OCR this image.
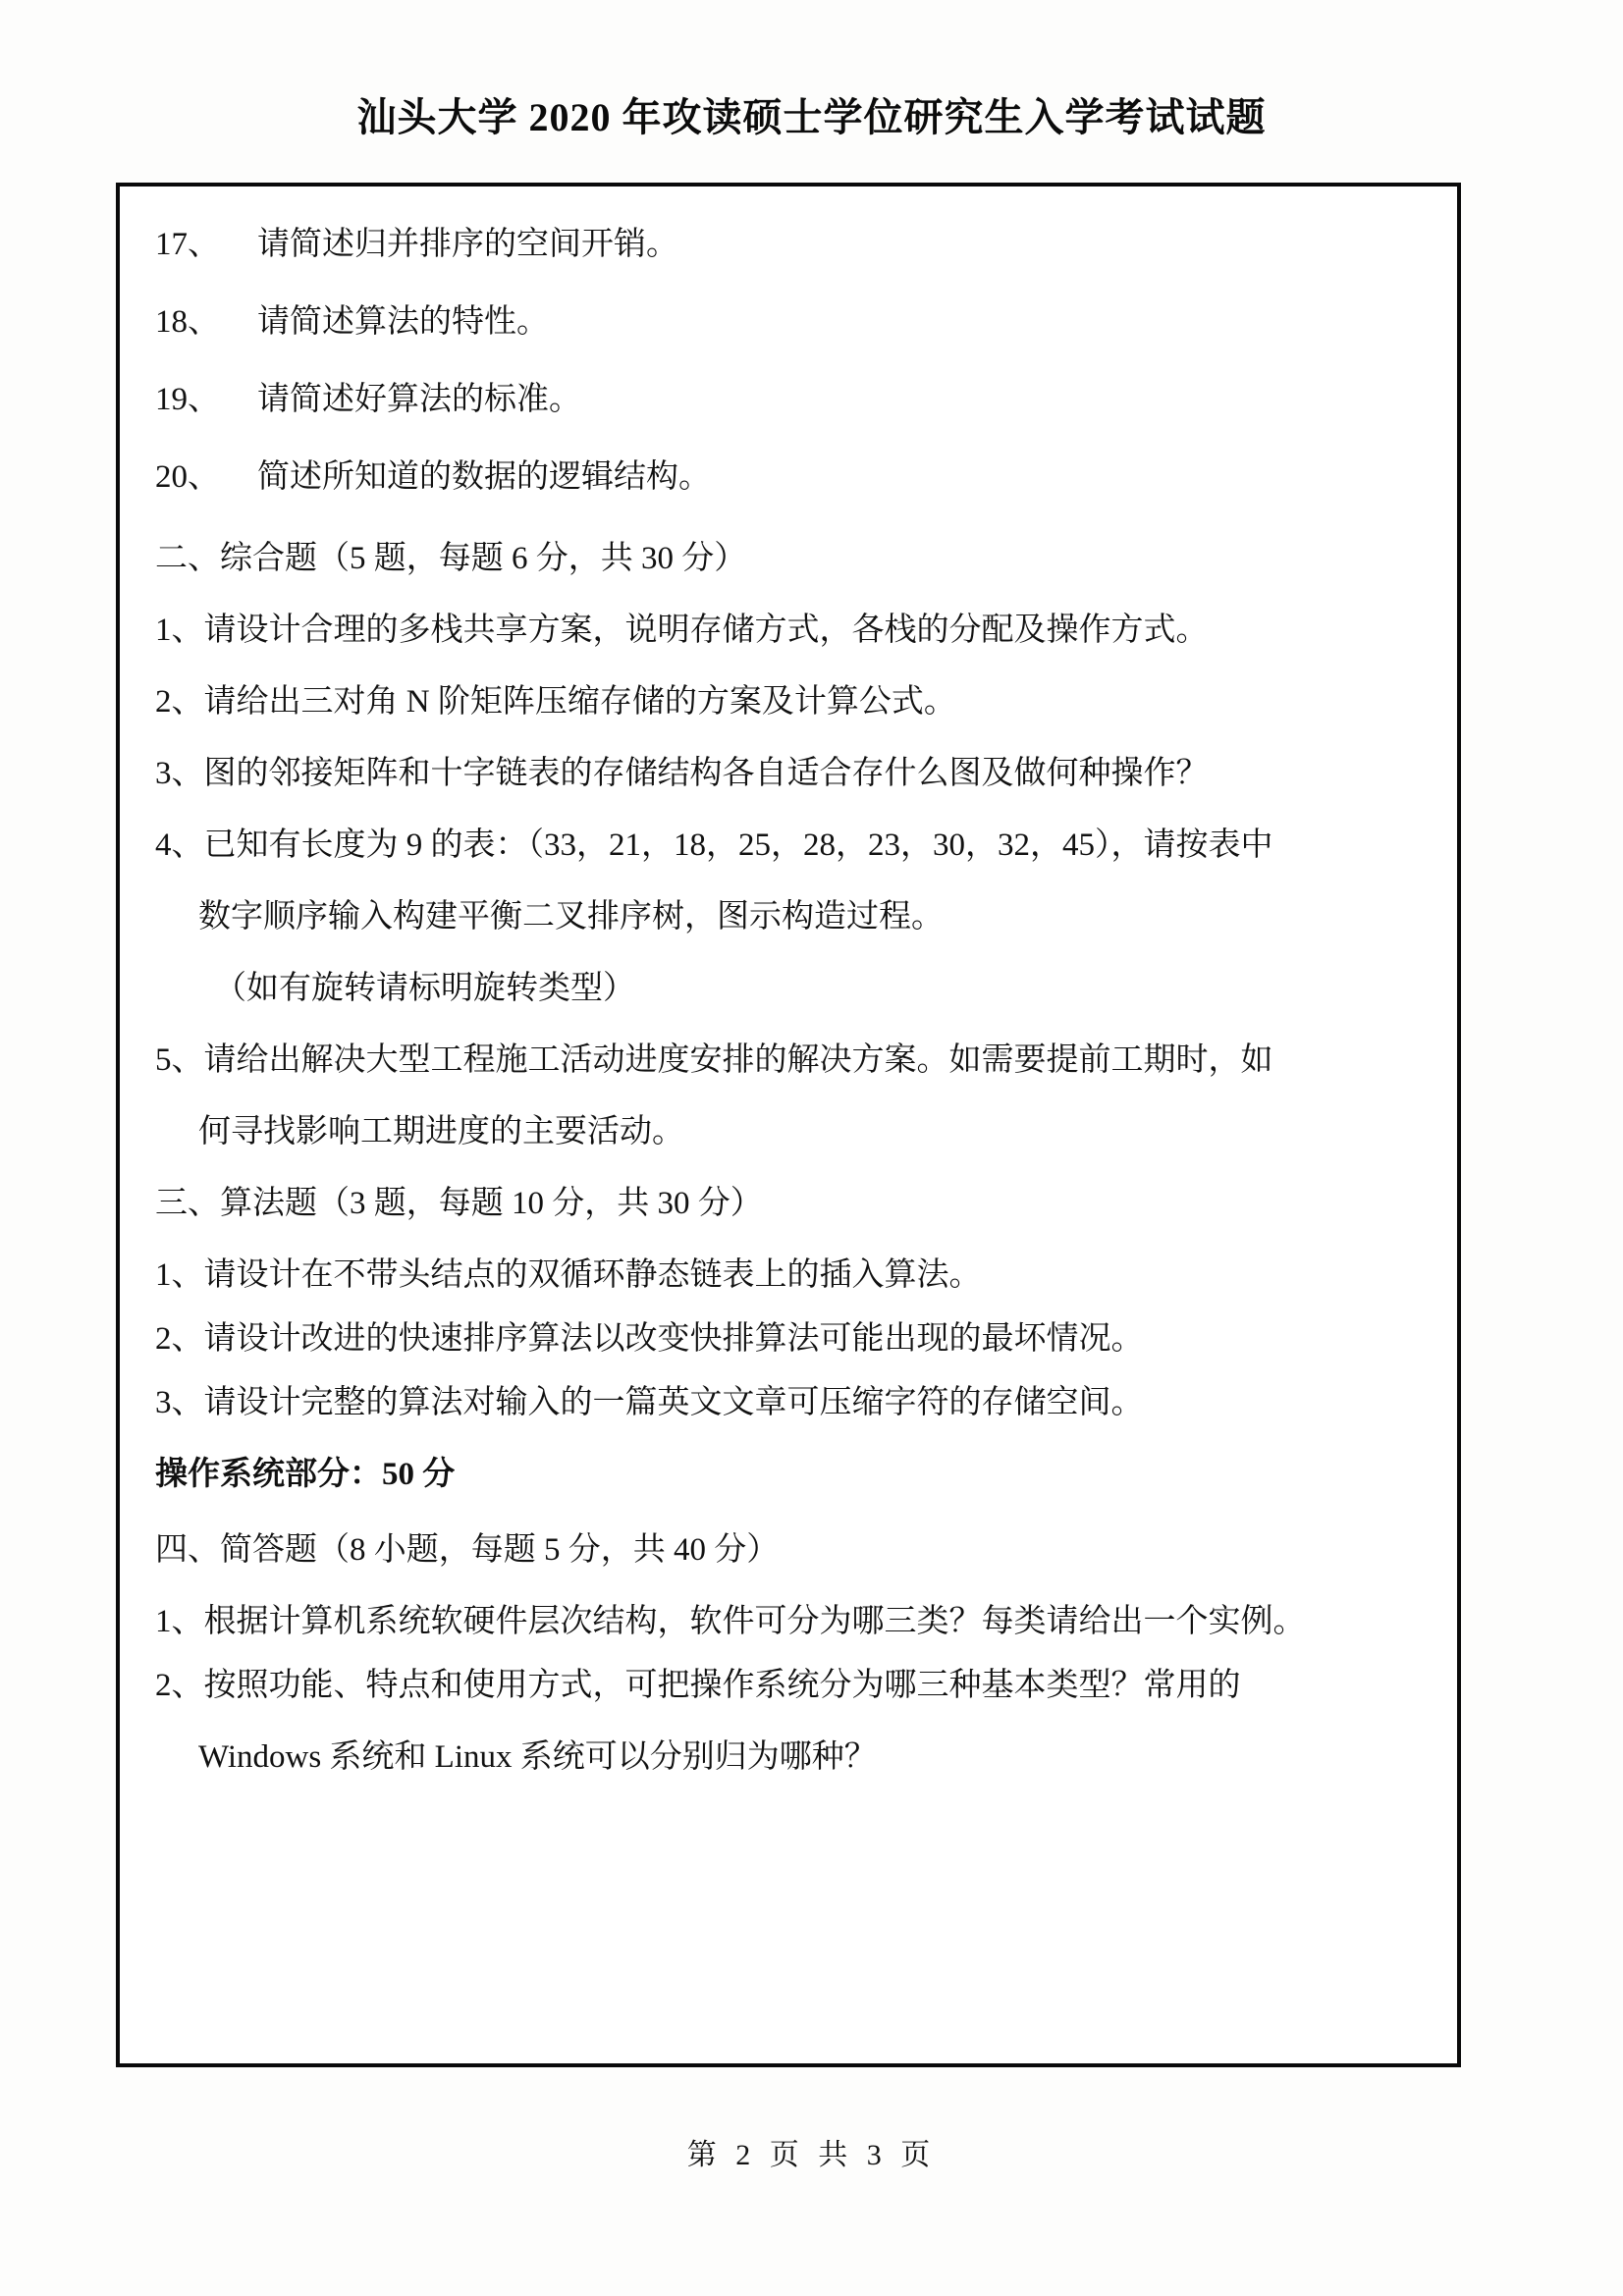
汕头大学 2020 年攻读硕士学位研究生入学考试试题
17、	请简述归并排序的空间开销。
18、	请简述算法的特性。
19、	请简述好算法的标准。
20、	简述所知道的数据的逻辑结构。
二、综合题（5 题，每题 6 分，共 30 分）
1、请设计合理的多栈共享方案，说明存储方式，各栈的分配及操作方式。
2、请给出三对角 N 阶矩阵压缩存储的方案及计算公式。
3、图的邻接矩阵和十字链表的存储结构各自适合存什么图及做何种操作？
4、已知有长度为 9 的表：（33，21，18，25，28，23，30，32，45），请按表中
数字顺序输入构建平衡二叉排序树，图示构造过程。
（如有旋转请标明旋转类型）
5、请给出解决大型工程施工活动进度安排的解决方案。如需要提前工期时，如
何寻找影响工期进度的主要活动。
三、算法题（3 题，每题 10 分，共 30 分）
1、请设计在不带头结点的双循环静态链表上的插入算法。
2、请设计改进的快速排序算法以改变快排算法可能出现的最坏情况。
3、请设计完整的算法对输入的一篇英文文章可压缩字符的存储空间。
操作系统部分：50 分
四、简答题（8 小题，每题 5 分，共 40 分）
1、根据计算机系统软硬件层次结构，软件可分为哪三类？每类请给出一个实例。
2、按照功能、特点和使用方式，可把操作系统分为哪三种基本类型？常用的
Windows 系统和 Linux 系统可以分别归为哪种？
第 2 页 共 3 页
